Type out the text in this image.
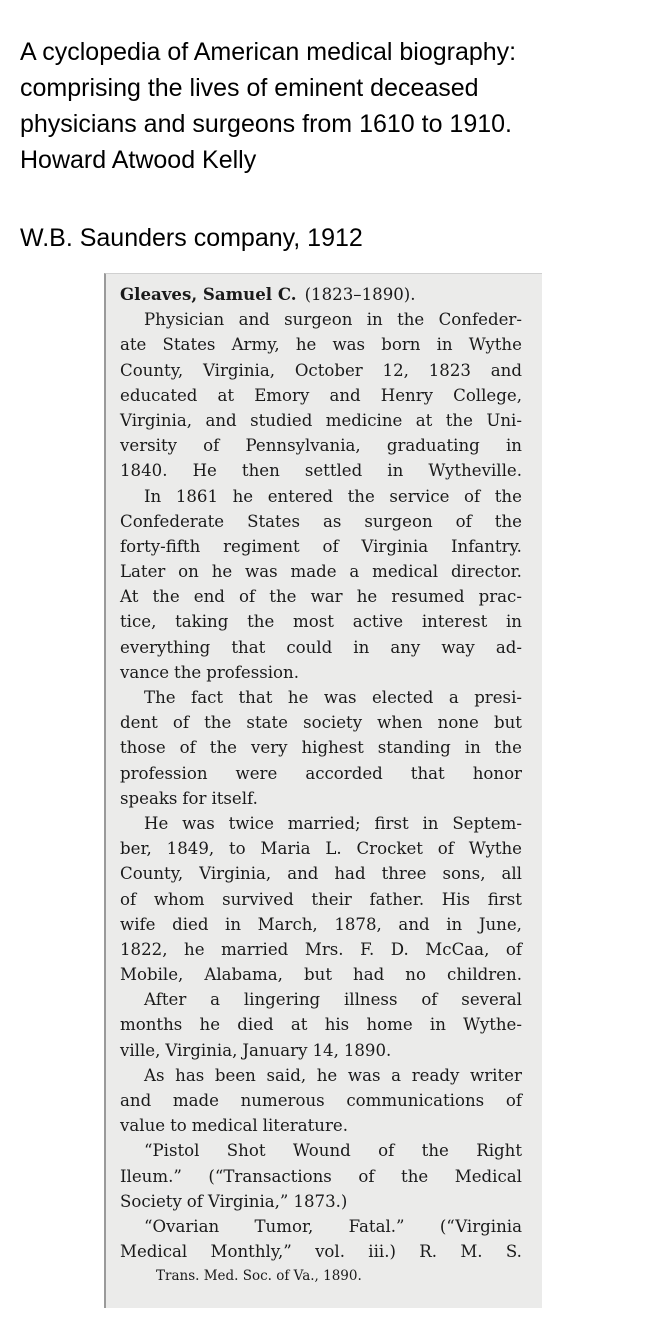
A cyclopedia of American medical biography:
comprising the lives of eminent deceased
physicians and surgeons from 1610 to 1910.
Howard Atwood Kelly
W.B. Saunders company, 1912
Gleaves, Samuel C. (1823–1890).
Physician and surgeon in the Confeder-
ate States Army, he was born in Wythe
County, Virginia, October 12, 1823 and
educated at Emory and Henry College,
Virginia, and studied medicine at the Uni-
versity of Pennsylvania, graduating in
1840. He then settled in Wytheville.
In 1861 he entered the service of the
Confederate States as surgeon of the
forty-fifth regiment of Virginia Infantry.
Later on he was made a medical director.
At the end of the war he resumed prac-
tice, taking the most active interest in
everything that could in any way ad-
vance the profession.
The fact that he was elected a presi-
dent of the state society when none but
those of the very highest standing in the
profession were accorded that honor
speaks for itself.
He was twice married; first in Septem-
ber, 1849, to Maria L. Crocket of Wythe
County, Virginia, and had three sons, all
of whom survived their father. His first
wife died in March, 1878, and in June,
1822, he married Mrs. F. D. McCaa, of
Mobile, Alabama, but had no children.
After a lingering illness of several
months he died at his home in Wythe-
ville, Virginia, January 14, 1890.
As has been said, he was a ready writer
and made numerous communications of
value to medical literature.
“Pistol Shot Wound of the Right
Ileum.” (“Transactions of the Medical
Society of Virginia,” 1873.)
“Ovarian Tumor, Fatal.” (“Virginia
Medical Monthly,” vol. iii.) R. M. S.
Trans. Med. Soc. of Va., 1890.
